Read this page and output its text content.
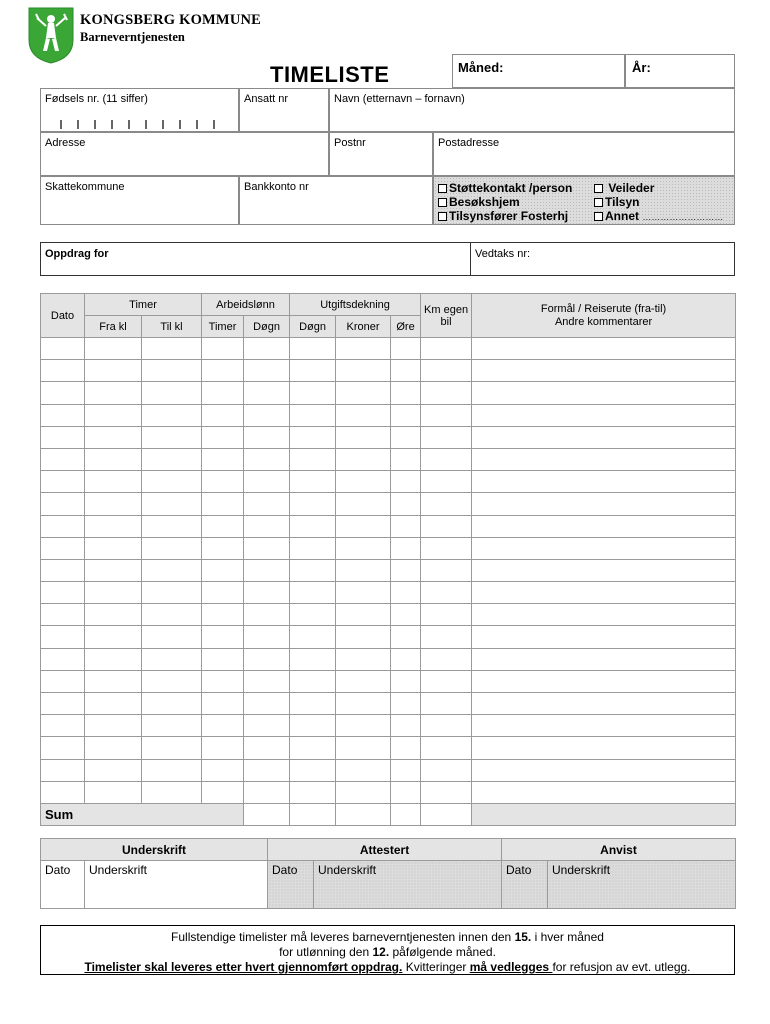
KONGSBERG KOMMUNE
Barneverntjenesten
TIMELISTE	Måned:	År:
Fødsels nr. (11 siffer)	Ansatt nr	Navn (etternavn – fornavn)
Adresse	Postnr	Postadresse
Skattekommune	Bankkonto nr	Støttekontakt /person	Veileder
Besøkshjem	Tilsyn
Tilsynsfører Fosterhj	Annet ………………………
Oppdrag for	Vedtaks nr:
Dato	Timer		Arbeidslønn		Utgiftsdekning			Km egen bil	Formål / Reiserute (fra-til)
Andre kommentarer
	Fra kl	Til kl	Timer	Døgn	Døgn	Kroner	Øre		

Sum									
Underskrift		Attestert		Anvist	
Dato	Underskrift	Dato	Underskrift	Dato	Underskrift
Fullstendige timelister må leveres barneverntjenesten innen den 15. i hver måned
for utlønning den 12. påfølgende måned.
Timelister skal leveres etter hvert gjennomført oppdrag. Kvitteringer må vedlegges for refusjon av evt. utlegg.
